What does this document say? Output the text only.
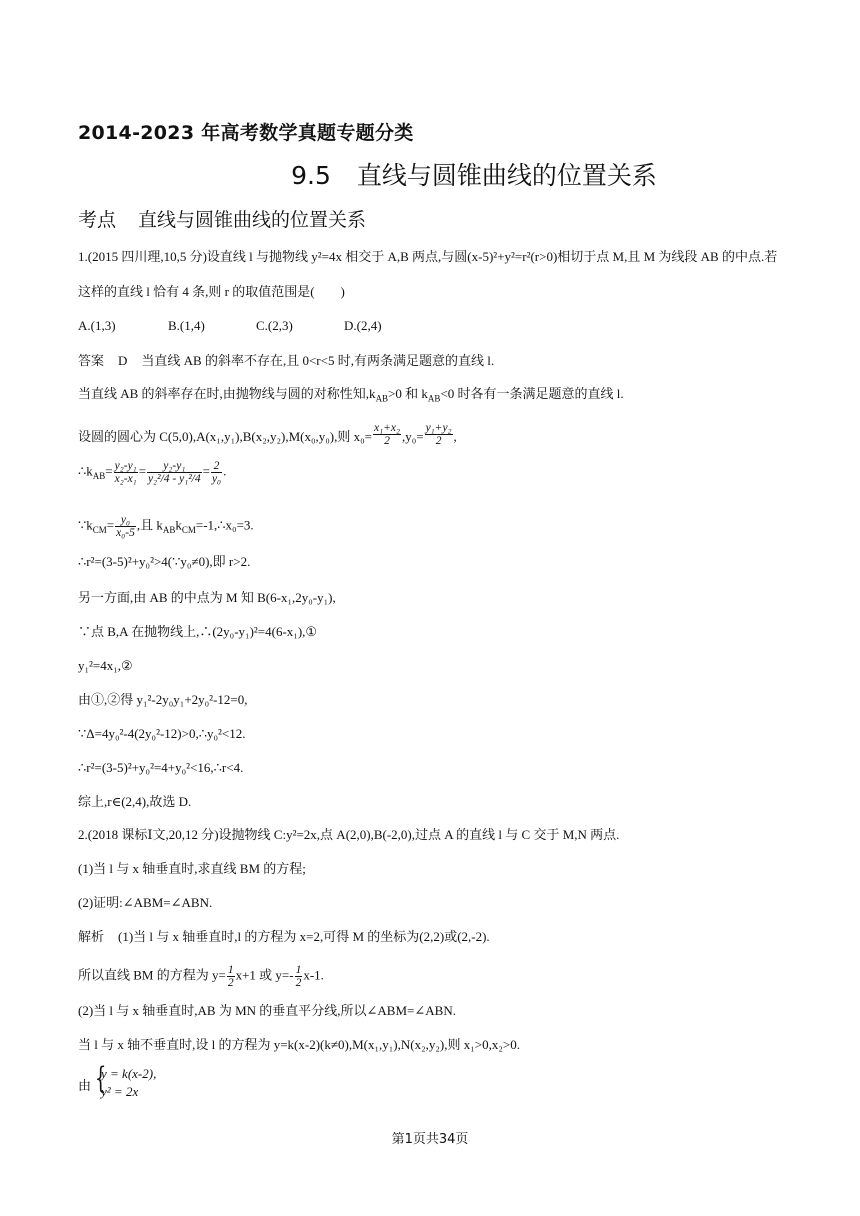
2014-2023 年高考数学真题专题分类
9.5 直线与圆锥曲线的位置关系
考点 直线与圆锥曲线的位置关系
1.(2015 四川理,10,5 分)设直线 l 与抛物线 y²=4x 相交于 A,B 两点,与圆(x-5)²+y²=r²(r>0)相切于点 M,且 M 为线段 AB 的中点.若
这样的直线 l 恰有 4 条,则 r 的取值范围是(　　)
A.(1,3)	B.(1,4)	C.(2,3)	D.(2,4)
答案 D 当直线 AB 的斜率不存在,且 0<r<5 时,有两条满足题意的直线 l.
当直线 AB 的斜率存在时,由抛物线与圆的对称性知$,k_{AB}>0$ 和 $k_{AB}<0$ 时各有一条满足题意的直线 l.
设圆的圆心为 C(5,0),A(x₁,y₁),B(x₂,y₂),M(x₀,y₀),则 $x_0= \frac{\text{x₁+x₂}}{2} ,y_0= \frac{\text{y₁+y₂}}{2}$ ,
$\therefore k_{AB}= \frac{\text{y₂-y₁}}{\text{x₂-x₁}} = \frac{\text{y₂-y₁}}{\text{y₂²/4 - y₁²/4}} = \frac{2}{\text{y₀}}$ .
$\because k_{CM}= \frac{\text{y₀}}{\text{x₀-5}}$ ,且 $k_{AB}k_{CM}=-1,\therefore x_0=3$.
∴r²=(3-5)²+y₀²>4(∵y₀≠0),即 r>2.
另一方面,由 AB 的中点为 M 知 B(6-x₁,2y₀-y₁),
∵点 B,A 在抛物线上,∴(2y₀-y₁)²=4(6-x₁),①
y₁²=4x₁,②
由①,②得 y₁²-2y₀y₁+2y₀²-12=0,
∵Δ=4y₀²-4(2y₀²-12)>0,∴y₀²<12.
∴r²=(3-5)²+y₀²=4+y₀²<16,∴r<4.
综上,r∈(2,4),故选 D.
2.(2018 课标Ⅰ文,20,12 分)设抛物线 C:y²=2x,点 A(2,0),B(-2,0),过点 A 的直线 l 与 C 交于 M,N 两点.
(1)当 l 与 x 轴垂直时,求直线 BM 的方程;
(2)证明:∠ABM=∠ABN.
解析 (1)当 l 与 x 轴垂直时,l 的方程为 x=2,可得 M 的坐标为(2,2)或(2,-2).
所以直线 BM 的方程为 $y= \frac{1}{2} x+1$ 或 $y=- \frac{1}{2} x-1$.
(2)当 l 与 x 轴垂直时,AB 为 MN 的垂直平分线,所以∠ABM=∠ABN.
当 l 与 x 轴不垂直时,设 l 的方程为 y=k(x-2)(k≠0),M(x₁,y₁),N(x₂,y₂),则 x₁>0,x₂>0.
由 {
y = k(x-2),
y² = 2x
第1页共34页
